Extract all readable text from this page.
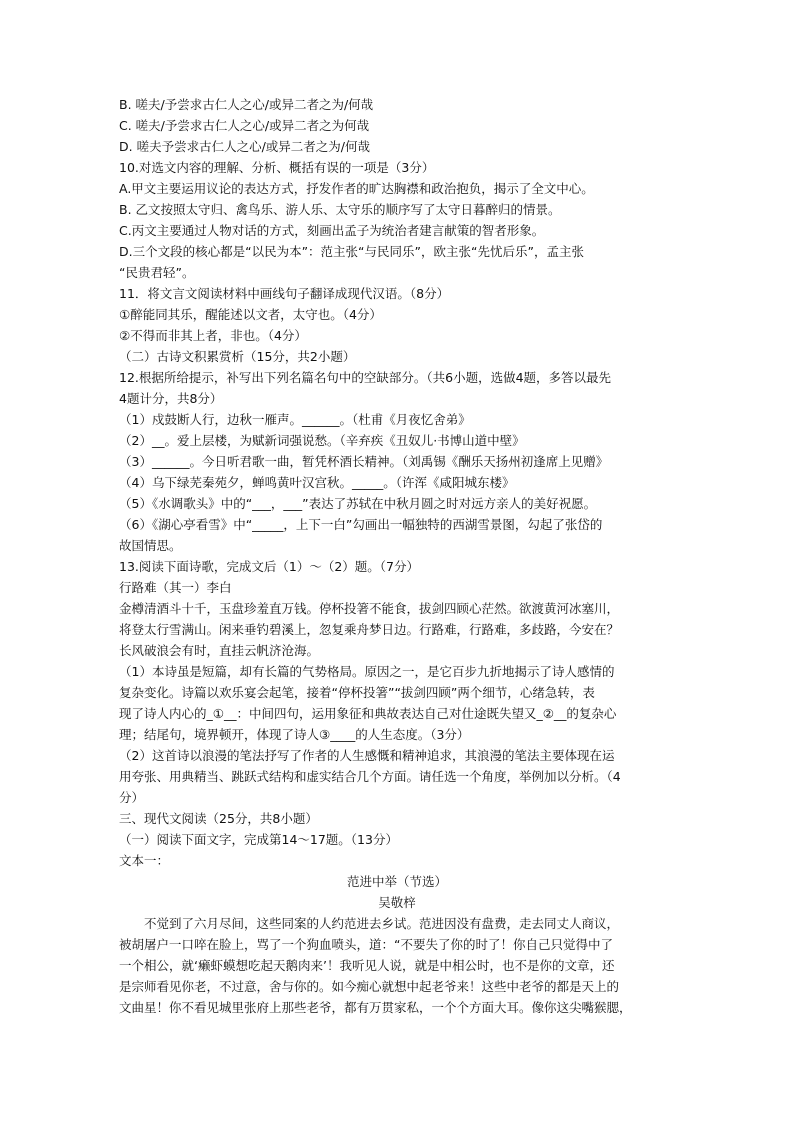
B. 嗟夫/予尝求古仁人之心/或异二者之为/何哉
C. 嗟夫/予尝求古仁人之心/或异二者之为何哉
D. 嗟夫予尝求古仁人之心/或异二者之为/何哉
10.对选文内容的理解、分析、概括有误的一项是（3分）
A.甲文主要运用议论的表达方式，抒发作者的旷达胸襟和政治抱负，揭示了全文中心。
B. 乙文按照太守归、禽鸟乐、游人乐、太守乐的顺序写了太守日暮醉归的情景。
C.丙文主要通过人物对话的方式，刻画出孟子为统治者建言献策的智者形象。
D.三个文段的核心都是“以民为本”：范主张“与民同乐”，欧主张“先忧后乐”，孟主张
“民贵君轻”。
11．将文言文阅读材料中画线句子翻译成现代汉语。（8分）
①醉能同其乐，醒能述以文者，太守也。（4分）
②不得而非其上者，非也。（4分）
（二）古诗文积累赏析（15分，共2小题）
12.根据所给提示，补写出下列名篇名句中的空缺部分。（共6小题，选做4题，多答以最先
4题计分，共8分）
（1）戍鼓断人行，边秋一雁声。______。（杜甫《月夜忆舍弟》
（2）__。爱上层楼，为赋新词强说愁。（辛弃疾《丑奴儿·书博山道中壁》
（3）______。今日听君歌一曲，暂凭杯酒长精神。（刘禹锡《酬乐天扬州初逢席上见赠》
（4）乌下绿芜秦苑夕，蝉鸣黄叶汉宫秋。_____。（许浑《咸阳城东楼》
（5）《水调歌头》中的“___，___”表达了苏轼在中秋月圆之时对远方亲人的美好祝愿。
（6）《湖心亭看雪》中“_____，上下一白”勾画出一幅独特的西湖雪景图，勾起了张岱的
故国情思。
13.阅读下面诗歌，完成文后（1）～（2）题。（7分）
行路难（其一）李白
金樽清酒斗十千，玉盘珍羞直万钱。停杯投箸不能食，拔剑四顾心茫然。欲渡黄河冰塞川，
将登太行雪满山。闲来垂钓碧溪上，忽复乘舟梦日边。行路难，行路难，多歧路，今安在？
长风破浪会有时，直挂云帆济沧海。
（1）本诗虽是短篇，却有长篇的气势格局。原因之一，是它百步九折地揭示了诗人感情的
复杂变化。诗篇以欢乐宴会起笔，接着“停杯投箸”“拔剑四顾”两个细节，心绪急转，表
现了诗人内心的_①__：中间四句，运用象征和典故表达自己对仕途既失望又_②__的复杂心
理；结尾句，境界顿开，体现了诗人③____的人生态度。（3分）
（2）这首诗以浪漫的笔法抒写了作者的人生感慨和精神追求，其浪漫的笔法主要体现在运
用夸张、用典精当、跳跃式结构和虚实结合几个方面。请任选一个角度，举例加以分析。（4
分）
三、现代文阅读（25分，共8小题）
（一）阅读下面文字，完成第14～17题。（13分）
文本一：
范进中举（节选）
吴敬梓
　　不觉到了六月尽间，这些同案的人约范进去乡试。范进因没有盘费，走去同丈人商议，
被胡屠户一口啐在脸上，骂了一个狗血喷头，道：“不要失了你的时了！你自己只觉得中了
一个相公，就‘癞虾蟆想吃起天鹅肉来’！我听见人说，就是中相公时，也不是你的文章，还
是宗师看见你老，不过意，舍与你的。如今痴心就想中起老爷来！这些中老爷的都是天上的
文曲星！你不看见城里张府上那些老爷，都有万贯家私，一个个方面大耳。像你这尖嘴猴腮，
